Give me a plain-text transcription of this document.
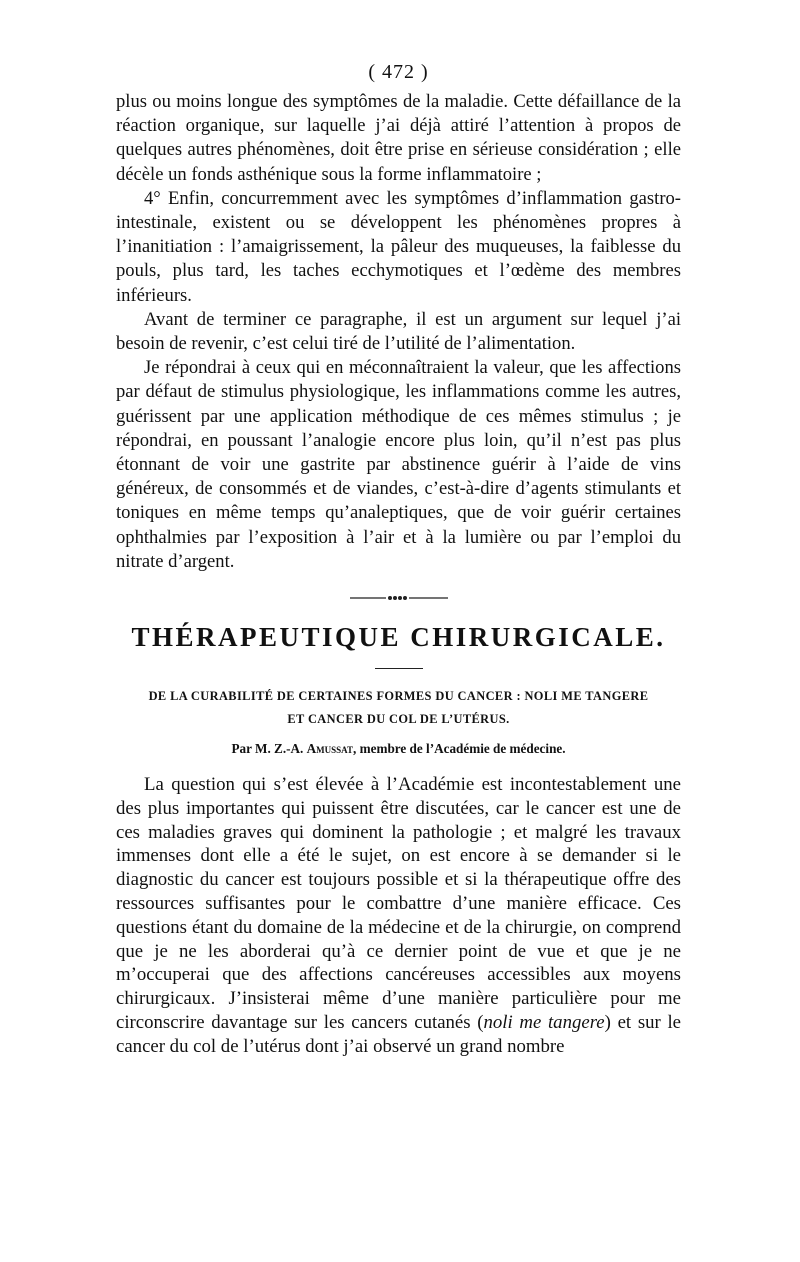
( 472 )

plus ou moins longue des symptômes de la maladie. Cette défaillance de la réaction organique, sur laquelle j’ai déjà attiré l’attention à propos de quelques autres phénomènes, doit être prise en sérieuse considération ; elle décèle un fonds asthénique sous la forme inflammatoire ;

4° Enfin, concurremment avec les symptômes d’inflammation gastro-intestinale, existent ou se développent les phénomènes propres à l’inanitiation : l’amaigrissement, la pâleur des muqueuses, la faiblesse du pouls, plus tard, les taches ecchymotiques et l’œdème des membres inférieurs.

Avant de terminer ce paragraphe, il est un argument sur lequel j’ai besoin de revenir, c’est celui tiré de l’utilité de l’alimentation.

Je répondrai à ceux qui en méconnaîtraient la valeur, que les affections par défaut de stimulus physiologique, les inflammations comme les autres, guérissent par une application méthodique de ces mêmes stimulus ; je répondrai, en poussant l’analogie encore plus loin, qu’il n’est pas plus étonnant de voir une gastrite par abstinence guérir à l’aide de vins généreux, de consommés et de viandes, c’est-à-dire d’agents stimulants et toniques en même temps qu’analeptiques, que de voir guérir certaines ophthalmies par l’exposition à l’air et à la lumière ou par l’emploi du nitrate d’argent.

THÉRAPEUTIQUE CHIRURGICALE.

DE LA CURABILITÉ DE CERTAINES FORMES DU CANCER : NOLI ME TANGERE

ET CANCER DU COL DE L’UTÉRUS.

Par M. Z.-A. Amussat, membre de l’Académie de médecine.

La question qui s’est élevée à l’Académie est incontestablement une des plus importantes qui puissent être discutées, car le cancer est une de ces maladies graves qui dominent la pathologie ; et malgré les travaux immenses dont elle a été le sujet, on est encore à se demander si le diagnostic du cancer est toujours possible et si la thérapeutique offre des ressources suffisantes pour le combattre d’une manière efficace. Ces questions étant du domaine de la médecine et de la chirurgie, on comprend que je ne les aborderai qu’à ce dernier point de vue et que je ne m’occuperai que des affections cancéreuses accessibles aux moyens chirurgicaux. J’insisterai même d’une manière particulière pour me circonscrire davantage sur les cancers cutanés (noli me tangere) et sur le cancer du col de l’utérus dont j’ai observé un grand nombre
